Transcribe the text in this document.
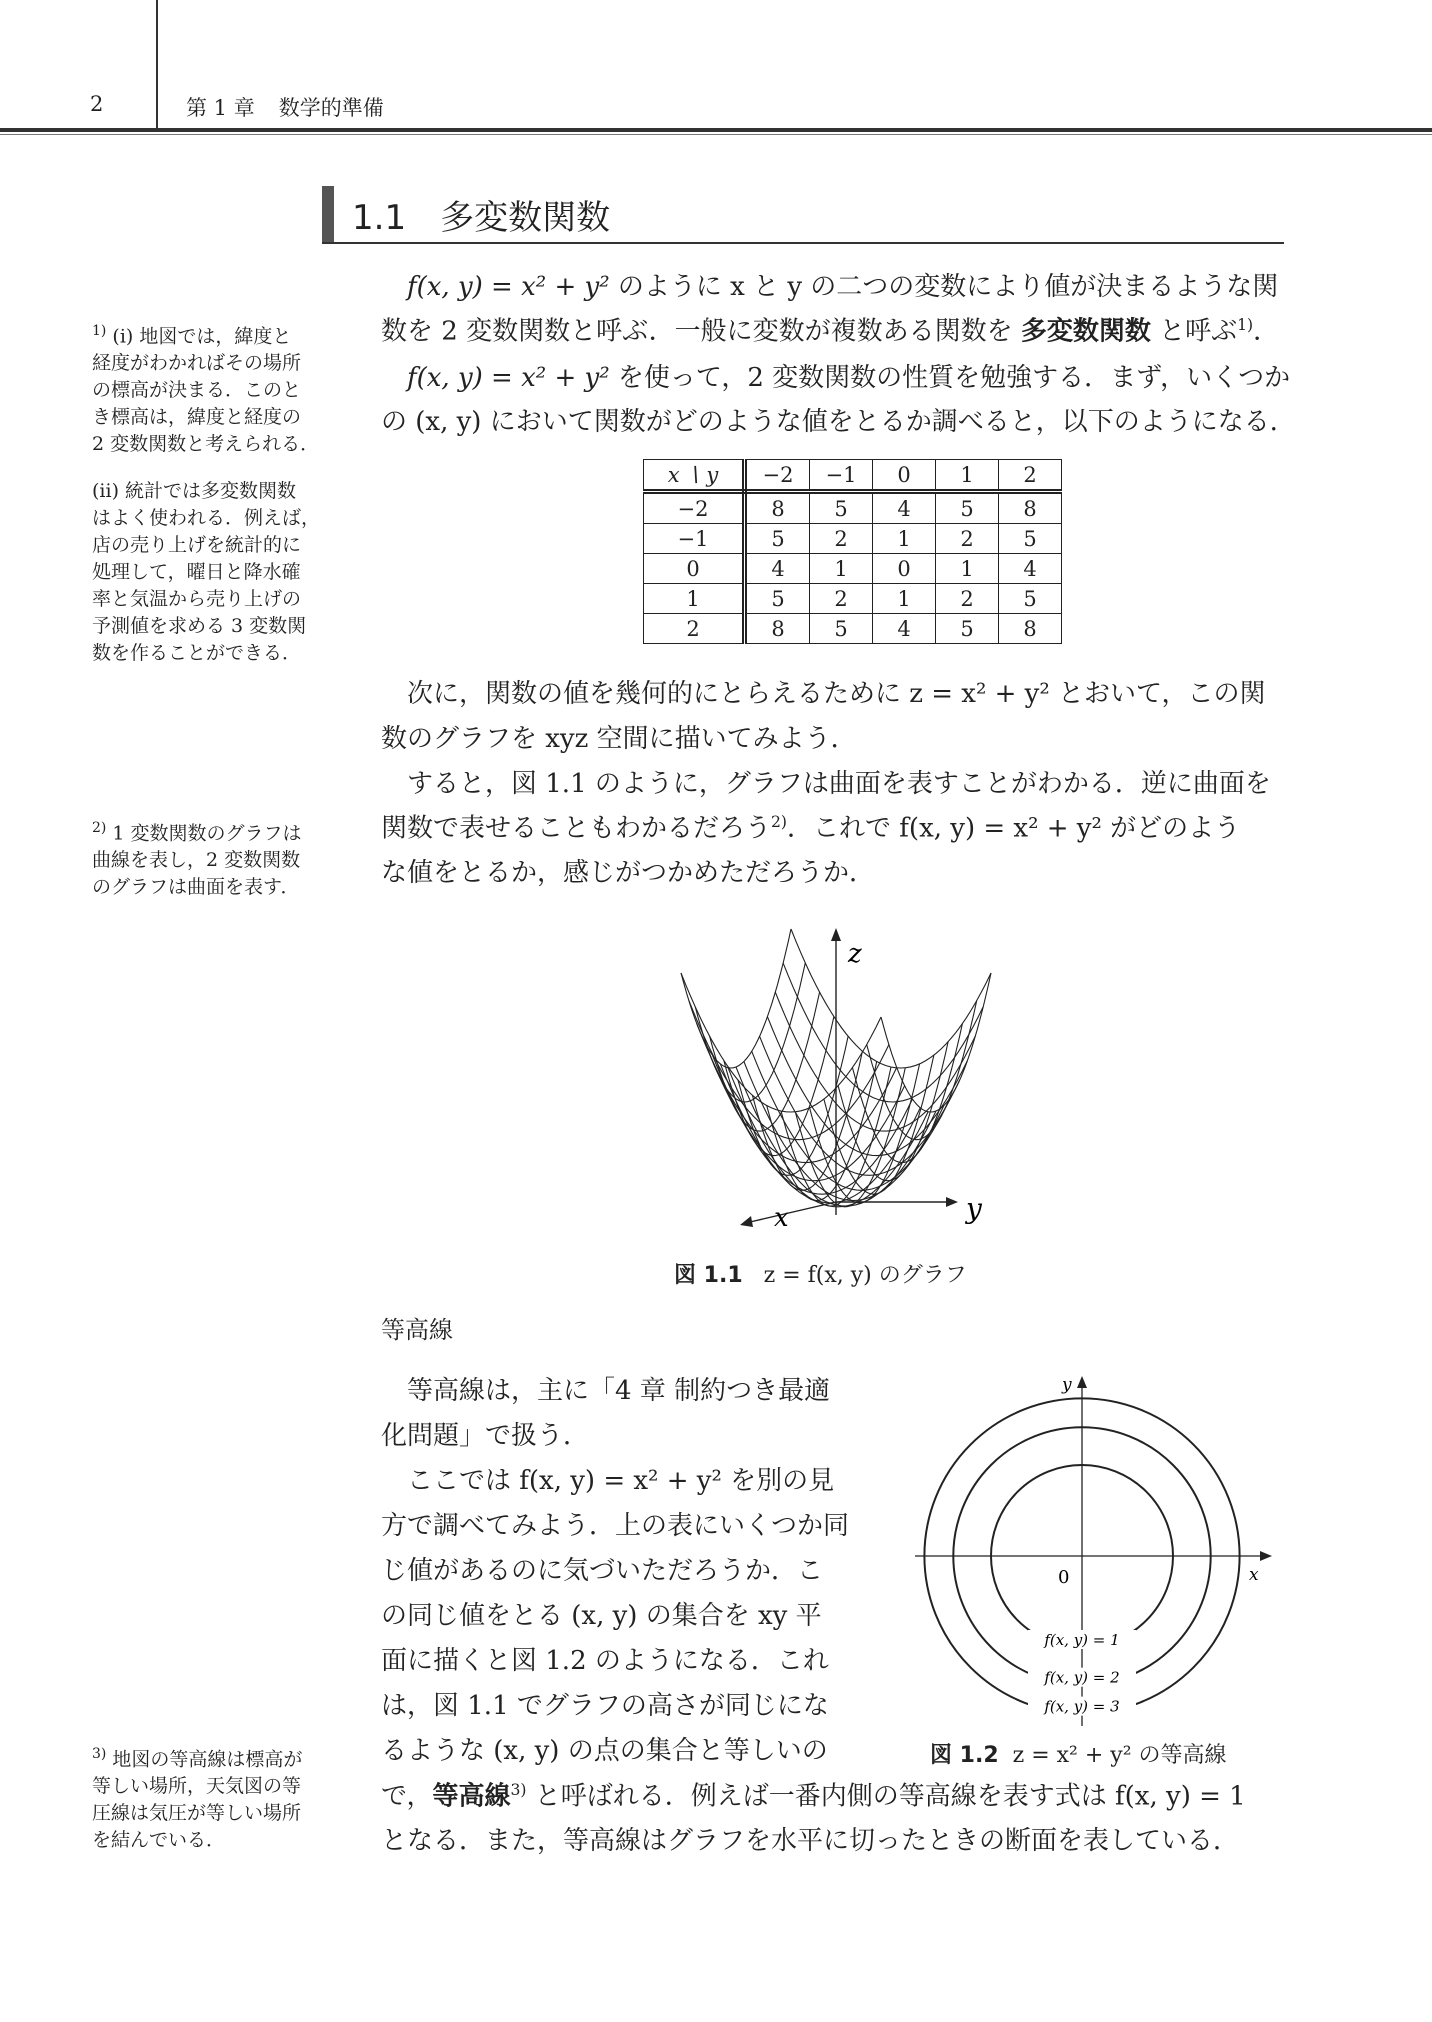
2	第 1 章 数学的準備
1.1 多変数関数
f(x, y) = x² + y² のように x と y の二つの変数により値が決まるような関
数を 2 変数関数と呼ぶ．一般に変数が複数ある関数を 多変数関数 と呼ぶ$^{1)}$．
f(x, y) = x² + y² を使って，2 変数関数の性質を勉強する．まず，いくつか
の (x, y) において関数がどのような値をとるか調べると，以下のようになる．
x ∖ y	−2	−1	0	1	2
−2	8	5	4	5	8
−1	5	2	1	2	5
0	4	1	0	1	4
1	5	2	1	2	5
2	8	5	4	5	8
次に，関数の値を幾何的にとらえるために z = x² + y² とおいて，この関
数のグラフを xyz 空間に描いてみよう．
すると，図 1.1 のように，グラフは曲面を表すことがわかる．逆に曲面を
関数で表せることもわかるだろう$^{2)}$．これで f(x, y) = x² + y² がどのよう
な値をとるか，感じがつかめただろうか．
z
y
x
図 1.1 z = f(x, y) のグラフ
等高線
等高線は，主に「4 章 制約つき最適
化問題」で扱う．
ここでは f(x, y) = x² + y² を別の見
方で調べてみよう．上の表にいくつか同
じ値があるのに気づいただろうか．こ
の同じ値をとる (x, y) の集合を xy 平
面に描くと図 1.2 のようになる．これ
は，図 1.1 でグラフの高さが同じにな
るような (x, y) の点の集合と等しいの
で，等高線$^{3)}$ と呼ばれる．例えば一番内側の等高線を表す式は f(x, y) = 1
となる．また，等高線はグラフを水平に切ったときの断面を表している．
f(x, y) = 1
f(x, y) = 2
f(x, y) = 3
x
y
0
図 1.2 z = x² + y² の等高線
$^{1)}$ (i) 地図では，緯度と
経度がわかればその場所
の標高が決まる．このと
き標高は，緯度と経度の
2 変数関数と考えられる．
(ii) 統計では多変数関数
はよく使われる．例えば，
店の売り上げを統計的に
処理して，曜日と降水確
率と気温から売り上げの
予測値を求める 3 変数関
数を作ることができる．
$^{2)}$ 1 変数関数のグラフは
曲線を表し，2 変数関数
のグラフは曲面を表す．
$^{3)}$ 地図の等高線は標高が
等しい場所，天気図の等
圧線は気圧が等しい場所
を結んでいる．
